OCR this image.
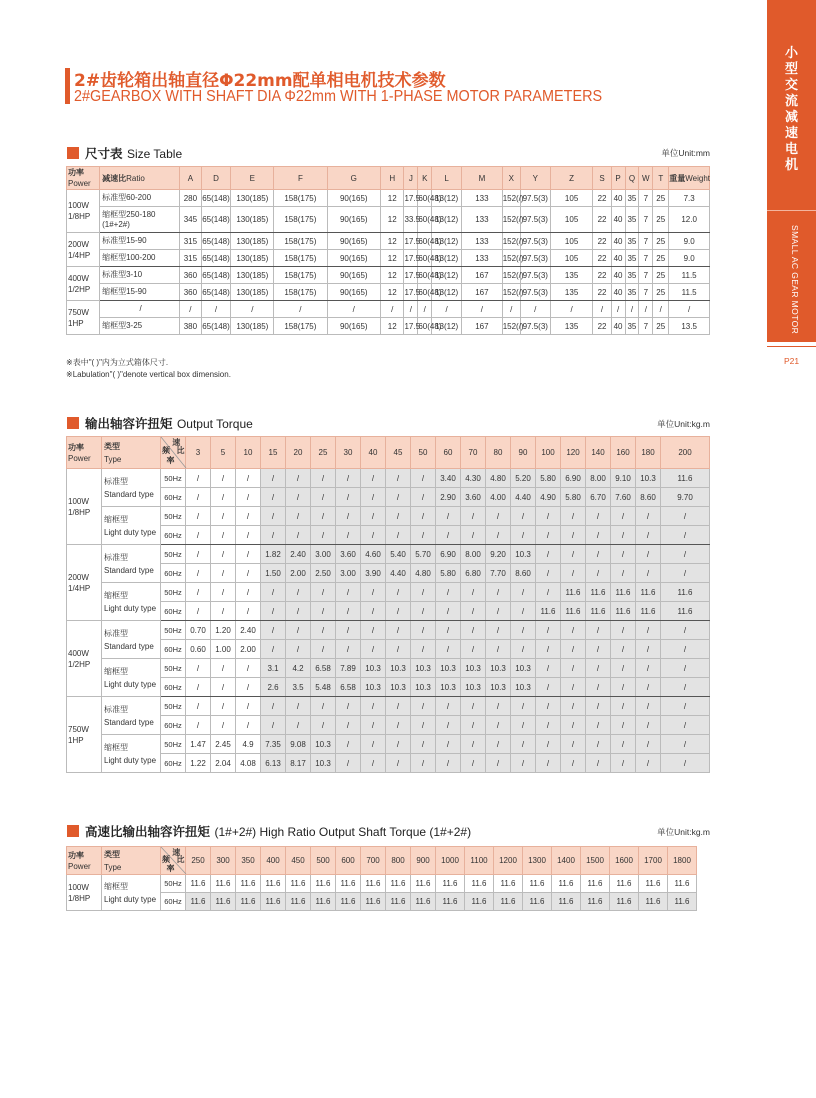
小
型
交
流
减
速
电
机
SMALL AC GEAR MOTOR
P21
2#齿轮箱出轴直径Φ22mm配单相电机技术参数
2#GEARBOX WITH SHAFT DIA Φ22mm WITH 1-PHASE MOTOR PARAMETERS
尺寸表 Size Table	单位Unit:mm
功率
Power	减速比Ratio	A	D	E	F	G	H	J	K	L	M	X	Y	Z	S	P	Q	W	T	重量Weight
100W
1/8HP	标准型60-200	280	65(148)	130(185)	158(175)	90(165)	12	17.5	60(48)	13(12)	133	152(/)	97.5(3)	105	22	40	35	7	25	7.3
	缩框型250-180
(1#+2#)	345	65(148)	130(185)	158(175)	90(165)	12	33.5	60(48)	13(12)	133	152(/)	97.5(3)	105	22	40	35	7	25	12.0
200W
1/4HP	标准型15-90	315	65(148)	130(185)	158(175)	90(165)	12	17.5	60(48)	13(12)	133	152(/)	97.5(3)	105	22	40	35	7	25	9.0
	缩框型100-200	315	65(148)	130(185)	158(175)	90(165)	12	17.5	60(48)	13(12)	133	152(/)	97.5(3)	105	22	40	35	7	25	9.0
400W
1/2HP	标准型3-10	360	65(148)	130(185)	158(175)	90(165)	12	17.5	60(48)	13(12)	167	152(/)	97.5(3)	135	22	40	35	7	25	11.5
	缩框型15-90	360	65(148)	130(185)	158(175)	90(165)	12	17.5	60(48)	13(12)	167	152(/)	97.5(3)	135	22	40	35	7	25	11.5
750W
1HP	/	/	/	/	/	/	/	/	/	/	/	/	/	/	/	/	/	/	/	/
	缩框型3-25	380	65(148)	130(185)	158(175)	90(165)	12	17.5	60(48)	13(12)	167	152(/)	97.5(3)	135	22	40	35	7	25	13.5
※表中"( )"内为立式箱体尺寸.
※Labulation"( )"denote vertical box dimension.
输出轴容许扭矩 Output Torque	单位Unit:kg.m
功率
Power	类型
Type	速
比
频
率	3	5	10	15	20	25	30	40	45	50	60	70	80	90	100	120	140	160	180	200
100W
1/8HP	标准型
Standard type	50Hz	/	/	/	/	/	/	/	/	/	/	3.40	4.30	4.80	5.20	5.80	6.90	8.00	9.10	10.3	11.6
		60Hz	/	/	/	/	/	/	/	/	/	/	2.90	3.60	4.00	4.40	4.90	5.80	6.70	7.60	8.60	9.70
	缩框型
Light duty type	50Hz	/	/	/	/	/	/	/	/	/	/	/	/	/	/	/	/	/	/	/	/
		60Hz	/	/	/	/	/	/	/	/	/	/	/	/	/	/	/	/	/	/	/	/
200W
1/4HP	标准型
Standard type	50Hz	/	/	/	1.82	2.40	3.00	3.60	4.60	5.40	5.70	6.90	8.00	9.20	10.3	/	/	/	/	/	/
		60Hz	/	/	/	1.50	2.00	2.50	3.00	3.90	4.40	4.80	5.80	6.80	7.70	8.60	/	/	/	/	/	/
	缩框型
Light duty type	50Hz	/	/	/	/	/	/	/	/	/	/	/	/	/	/	/	11.6	11.6	11.6	11.6	11.6
		60Hz	/	/	/	/	/	/	/	/	/	/	/	/	/	/	11.6	11.6	11.6	11.6	11.6	11.6
400W
1/2HP	标准型
Standard type	50Hz	0.70	1.20	2.40	/	/	/	/	/	/	/	/	/	/	/	/	/	/	/	/	/
		60Hz	0.60	1.00	2.00	/	/	/	/	/	/	/	/	/	/	/	/	/	/	/	/	/
	缩框型
Light duty type	50Hz	/	/	/	3.1	4.2	6.58	7.89	10.3	10.3	10.3	10.3	10.3	10.3	10.3	/	/	/	/	/	/
		60Hz	/	/	/	2.6	3.5	5.48	6.58	10.3	10.3	10.3	10.3	10.3	10.3	10.3	/	/	/	/	/	/
750W
1HP	标准型
Standard type	50Hz	/	/	/	/	/	/	/	/	/	/	/	/	/	/	/	/	/	/	/	/
		60Hz	/	/	/	/	/	/	/	/	/	/	/	/	/	/	/	/	/	/	/	/
	缩框型
Light duty type	50Hz	1.47	2.45	4.9	7.35	9.08	10.3	/	/	/	/	/	/	/	/	/	/	/	/	/	/
		60Hz	1.22	2.04	4.08	6.13	8.17	10.3	/	/	/	/	/	/	/	/	/	/	/	/	/	/
高速比输出轴容许扭矩 (1#+2#) High Ratio Output Shaft Torque (1#+2#)	单位Unit:kg.m
功率
Power	类型
Type	速
比
频
率	250	300	350	400	450	500	600	700	800	900	1000	1100	1200	1300	1400	1500	1600	1700	1800
100W
1/8HP	缩框型
Light duty type	50Hz	11.6	11.6	11.6	11.6	11.6	11.6	11.6	11.6	11.6	11.6	11.6	11.6	11.6	11.6	11.6	11.6	11.6	11.6	11.6
		60Hz	11.6	11.6	11.6	11.6	11.6	11.6	11.6	11.6	11.6	11.6	11.6	11.6	11.6	11.6	11.6	11.6	11.6	11.6	11.6
